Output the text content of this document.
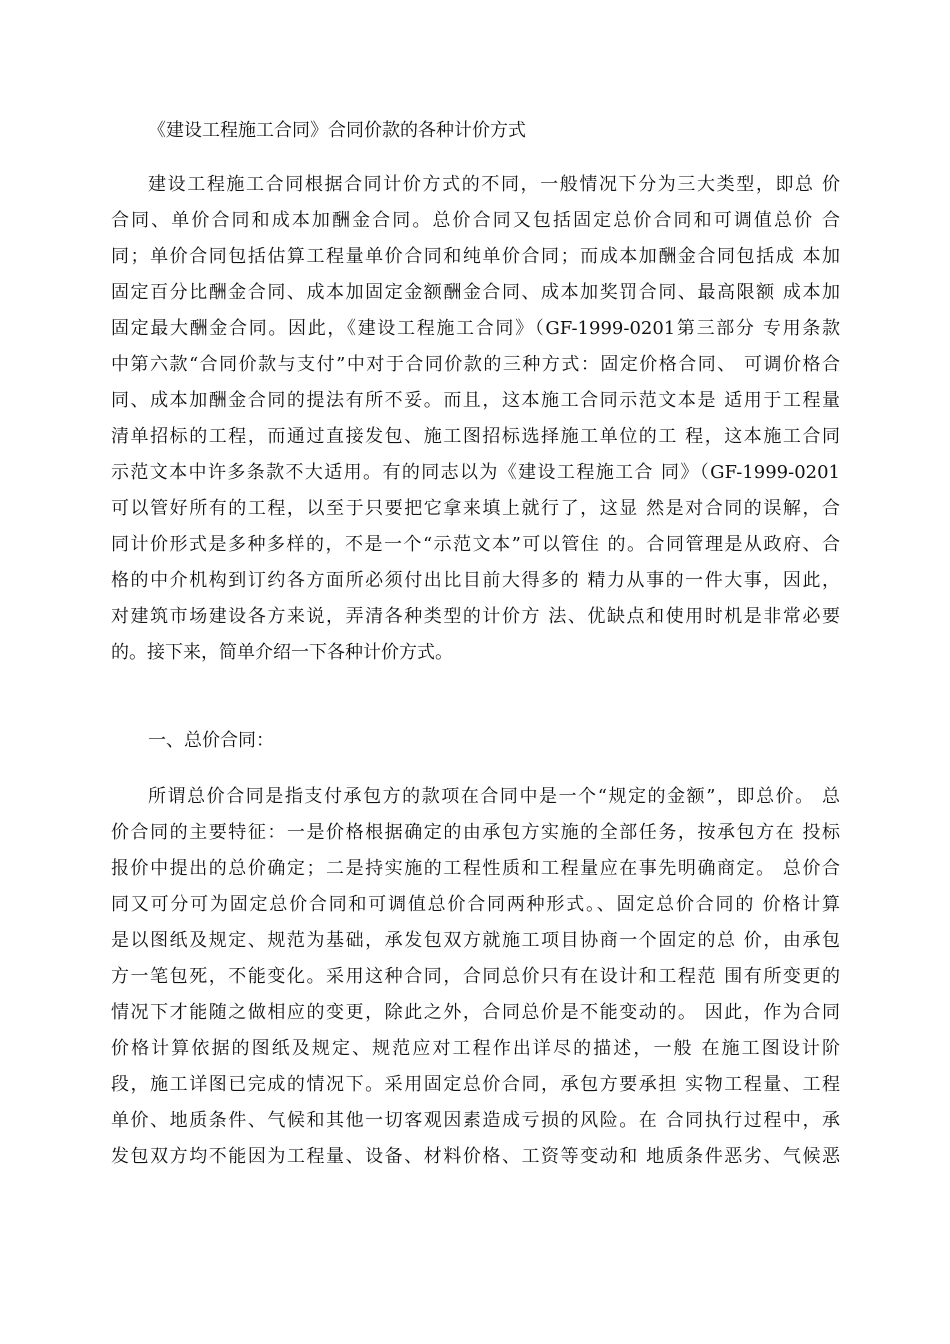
《建设工程施工合同》合同价款的各种计价方式
建设工程施工合同根据合同计价方式的不同，一般情况下分为三大类型，即总 价
合同、单价合同和成本加酬金合同。总价合同又包括固定总价合同和可调值总价 合
同；单价合同包括估算工程量单价合同和纯单价合同；而成本加酬金合同包括成 本加
固定百分比酬金合同、成本加固定金额酬金合同、成本加奖罚合同、最高限额 成本加
固定最大酬金合同。因此，《建设工程施工合同》（GF-1999-0201第三部分 专用条款
中第六款“合同价款与支付”中对于合同价款的三种方式：固定价格合同、 可调价格合
同、成本加酬金合同的提法有所不妥。而且，这本施工合同示范文本是 适用于工程量
清单招标的工程，而通过直接发包、施工图招标选择施工单位的工 程，这本施工合同
示范文本中许多条款不大适用。有的同志以为《建设工程施工合 同》（GF-1999-0201
可以管好所有的工程，以至于只要把它拿来填上就行了，这显 然是对合同的误解，合
同计价形式是多种多样的，不是一个“示范文本”可以管住 的。合同管理是从政府、合
格的中介机构到订约各方面所必须付出比目前大得多的 精力从事的一件大事，因此，
对建筑市场建设各方来说，弄清各种类型的计价方 法、优缺点和使用时机是非常必要
的。接下来，简单介绍一下各种计价方式。
一、总价合同：
所谓总价合同是指支付承包方的款项在合同中是一个“规定的金额”，即总价。 总
价合同的主要特征：一是价格根据确定的由承包方实施的全部任务，按承包方在 投标
报价中提出的总价确定；二是持实施的工程性质和工程量应在事先明确商定。 总价合
同又可分可为固定总价合同和可调值总价合同两种形式。、固定总价合同的 价格计算
是以图纸及规定、规范为基础，承发包双方就施工项目协商一个固定的总 价，由承包
方一笔包死，不能变化。采用这种合同，合同总价只有在设计和工程范 围有所变更的
情况下才能随之做相应的变更，除此之外，合同总价是不能变动的。 因此，作为合同
价格计算依据的图纸及规定、规范应对工程作出详尽的描述，一般 在施工图设计阶
段，施工详图已完成的情况下。采用固定总价合同，承包方要承担 实物工程量、工程
单价、地质条件、气候和其他一切客观因素造成亏损的风险。在 合同执行过程中，承
发包双方均不能因为工程量、设备、材料价格、工资等变动和 地质条件恶劣、气候恶
